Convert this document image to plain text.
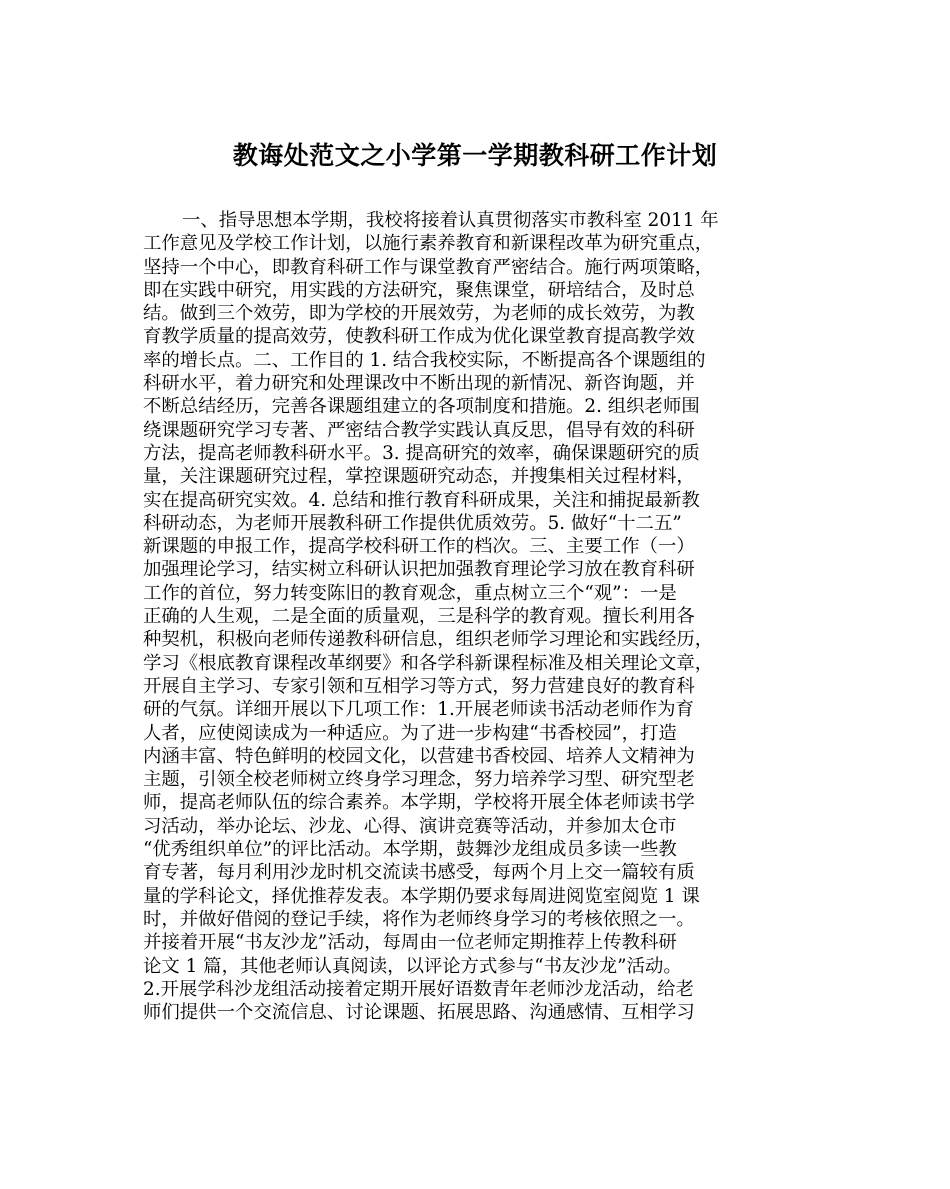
教诲处范文之小学第一学期教科研工作计划
一、指导思想本学期，我校将接着认真贯彻落实市教科室 2011 年
工作意见及学校工作计划，以施行素养教育和新课程改革为研究重点，
坚持一个中心，即教育科研工作与课堂教育严密结合。施行两项策略，
即在实践中研究，用实践的方法研究，聚焦课堂，研培结合，及时总
结。做到三个效劳，即为学校的开展效劳，为老师的成长效劳，为教
育教学质量的提高效劳，使教科研工作成为优化课堂教育提高教学效
率的增长点。二、工作目的 1. 结合我校实际，不断提高各个课题组的
科研水平，着力研究和处理课改中不断出现的新情况、新咨询题，并
不断总结经历，完善各课题组建立的各项制度和措施。2. 组织老师围
绕课题研究学习专著、严密结合教学实践认真反思，倡导有效的科研
方法，提高老师教科研水平。3. 提高研究的效率，确保课题研究的质
量，关注课题研究过程，掌控课题研究动态，并搜集相关过程材料，
实在提高研究实效。4. 总结和推行教育科研成果，关注和捕捉最新教
科研动态，为老师开展教科研工作提供优质效劳。5. 做好“十二五”
新课题的申报工作，提高学校科研工作的档次。三、主要工作（一）
加强理论学习，结实树立科研认识把加强教育理论学习放在教育科研
工作的首位，努力转变陈旧的教育观念，重点树立三个“观”：一是
正确的人生观，二是全面的质量观，三是科学的教育观。擅长利用各
种契机，积极向老师传递教科研信息，组织老师学习理论和实践经历，
学习《根底教育课程改革纲要》和各学科新课程标准及相关理论文章，
开展自主学习、专家引领和互相学习等方式，努力营建良好的教育科
研的气氛。详细开展以下几项工作：1.开展老师读书活动老师作为育
人者，应使阅读成为一种适应。为了进一步构建“书香校园”，打造
内涵丰富、特色鲜明的校园文化，以营建书香校园、培养人文精神为
主题，引领全校老师树立终身学习理念，努力培养学习型、研究型老
师，提高老师队伍的综合素养。本学期，学校将开展全体老师读书学
习活动，举办论坛、沙龙、心得、演讲竞赛等活动，并参加太仓市
“优秀组织单位”的评比活动。本学期，鼓舞沙龙组成员多读一些教
育专著，每月利用沙龙时机交流读书感受，每两个月上交一篇较有质
量的学科论文，择优推荐发表。本学期仍要求每周进阅览室阅览 1 课
时，并做好借阅的登记手续，将作为老师终身学习的考核依照之一。
并接着开展“书友沙龙”活动，每周由一位老师定期推荐上传教科研
论文 1 篇，其他老师认真阅读，以评论方式参与“书友沙龙”活动。
2.开展学科沙龙组活动接着定期开展好语数青年老师沙龙活动，给老
师们提供一个交流信息、讨论课题、拓展思路、沟通感情、互相学习
